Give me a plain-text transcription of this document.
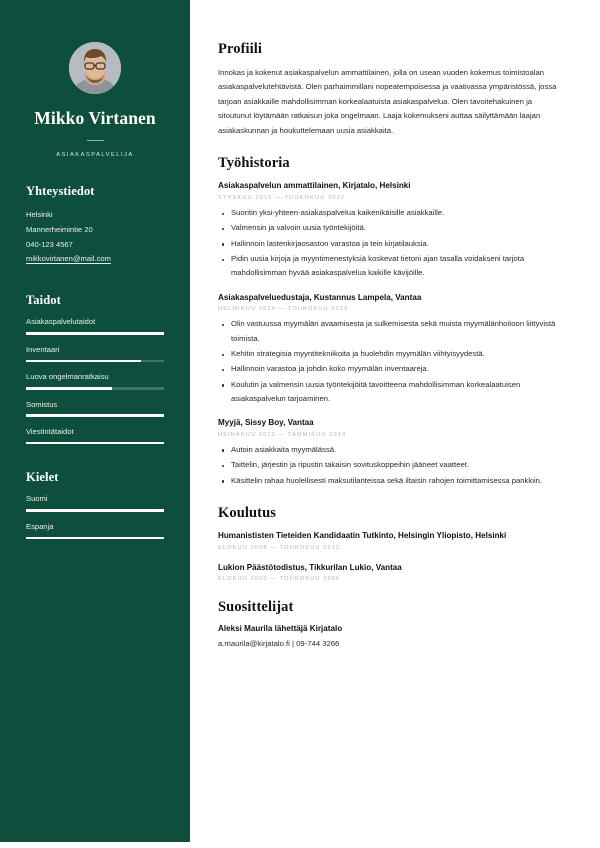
Mikko Virtanen
ASIAKASPALVELIJA
Yhteystiedot
Helsinki
Mannerheimintie 20
040-123 4567
mikkovirtanen@mail.com
Taidot
Asiakaspalvelutaidot
Inventaari
Luova ongelmanratkaisu
Somistus
Viestintätaidot
Kielet
Suomi
Espanja
Profiili

Innokas ja kokenut asiakaspalvelun ammattilainen, jolla on usean vuoden kokemus toimistoalan asiakaspalvelutehtävistä. Olen parhaimmillani nopeatempoisessa ja vaativassa ympäristössä, jossa tarjoan asiakkaille mahdollisimman korkealaatuista asiakaspalvelua. Olen tavoitehakuinen ja sitoutunut löytämään ratkaisun joka ongelmaan. Laaja kokemukseni auttaa säilyttämään laajan asiakaskunnan ja houkuttelemaan uusia asiakkaita.

Työhistoria
Asiakaspalvelun ammattilainen, Kirjatalo, Helsinki
SYYSKUU 2015 — TOUKOKUU 2017
Suoritin yksi-yhteen-asiakaspalvelua kaikenikäisille asiakkaille.
Valmensin ja valvoin uusia työntekijöitä.
Hallinnoin lastenkirjaosaston varastoa ja tein kirjatilauksia.
Pidin uusia kirjoja ja myyntimenestyksiä koskevat tietoni ajan tasalla voidakseni tarjota mahdollisimman hyvää asiakaspalvelua kaikille kävijöille.
Asiakaspalveluedustaja, Kustannus Lampela, Vantaa
HELMIKUU 2014 — TOUKOKUU 2015
Olin vastuussa myymälän avaamisesta ja sulkemisesta sekä muista myymälänhoitoon liittyvistä toimista.
Kehitin strategisia myyntitekniikoita ja huolehdin myymälän viihtyisyydestä.
Hallinnoin varastoa ja johdin koko myymälän inventaareja.
Koulutin ja valmensin uusia työntekijöitä tavoitteena mahdollisimman korkealaatuisen asiakaspalvelun tarjoaminen.
Myyjä, Sissy Boy, Vantaa
HEINÄKUU 2012 — TAMMIKUU 2014
Autoin asiakkaita myymälässä.
Taittelin, järjestin ja ripustin takaisin sovituskoppeihin jääneet vaatteet.
Käsittelin rahaa huolellisesti maksutilanteissa sekä iltaisin rahojen toimittamisessa pankkiin.
Koulutus
Humanististen Tieteiden Kandidaatin Tutkinto, Helsingin Yliopisto, Helsinki
ELOKUU 2008 — TOUKOKUU 2012
Lukion Päästötodistus, Tikkurilan Lukio, Vantaa
ELOKUU 2000 — TOUKOKUU 2006
Suosittelijat
Aleksi Maurila lähettäjä Kirjatalo
a.maurila@kirjatalo.fi | 09-744 3266
